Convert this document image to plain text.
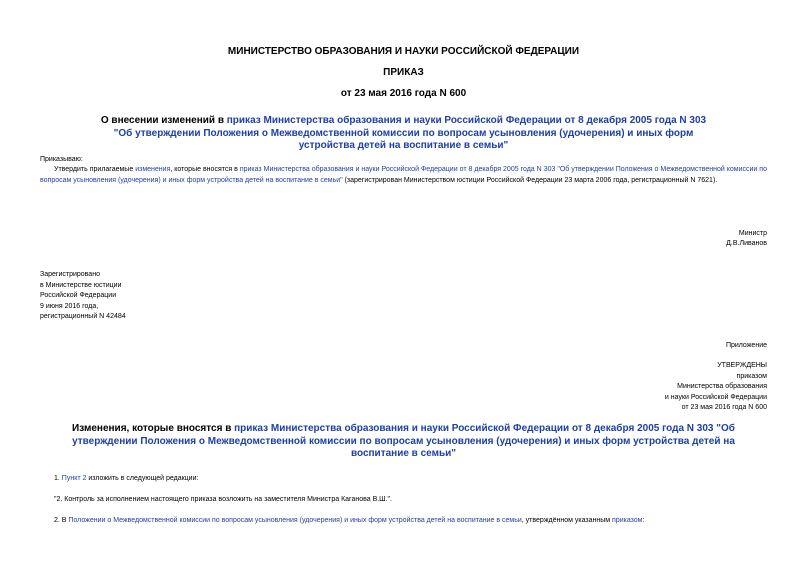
МИНИСТЕРСТВО ОБРАЗОВАНИЯ И НАУКИ РОССИЙСКОЙ ФЕДЕРАЦИИ
ПРИКАЗ
от 23 мая 2016 года N 600
О внесении изменений в приказ Министерства образования и науки Российской Федерации от 8 декабря 2005 года N 303 "Об утверждении Положения о Межведомственной комиссии по вопросам усыновления (удочерения) и иных форм устройства детей на воспитание в семьи"
Приказываю:
Утвердить прилагаемые изменения, которые вносятся в приказ Министерства образования и науки Российской Федерации от 8 декабря 2005 года N 303 "Об утверждении Положения о Межведомственной комиссии по вопросам усыновления (удочерения) и иных форм устройства детей на воспитание в семьи" (зарегистрирован Министерством юстиции Российской Федерации 23 марта 2006 года, регистрационный N 7621).
Министр
Д.В.Ливанов
Зарегистрировано
в Министерстве юстиции
Российской Федерации
9 июня 2016 года,
регистрационный N 42484
Приложение
УТВЕРЖДЕНЫ
приказом
Министерства образования
и науки Российской Федерации
от 23 мая 2016 года N 600
Изменения, которые вносятся в приказ Министерства образования и науки Российской Федерации от 8 декабря 2005 года N 303 "Об утверждении Положения о Межведомственной комиссии по вопросам усыновления (удочерения) и иных форм устройства детей на воспитание в семьи"
1. Пункт 2 изложить в следующей редакции:
"2. Контроль за исполнением настоящего приказа возложить на заместителя Министра Каганова В.Ш.".
2. В Положении о Межведомственной комиссии по вопросам усыновления (удочерения) и иных форм устройства детей на воспитание в семьи, утверждённом указанным приказом:
